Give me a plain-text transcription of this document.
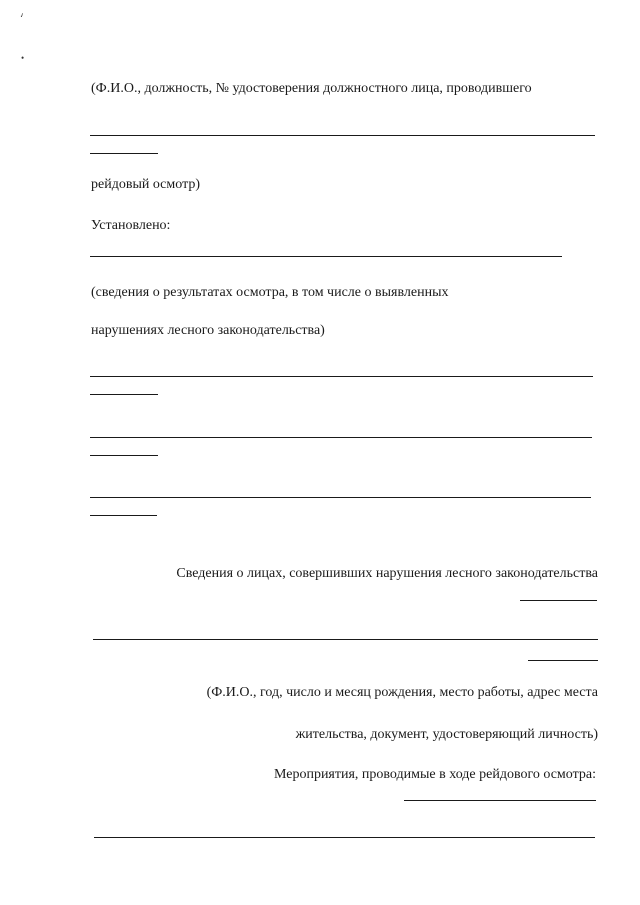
ٰ‘
•
(Ф.И.О., должность, № удостоверения должностного лица, проводившего
рейдовый осмотр)
Установлено:
(сведения о результатах осмотра, в том числе о выявленных
нарушениях лесного законодательства)
Сведения о лицах, совершивших нарушения лесного законодательства
(Ф.И.О., год, число и месяц рождения, место работы, адрес места
жительства, документ, удостоверяющий личность)
Мероприятия, проводимые в ходе рейдового осмотра:
